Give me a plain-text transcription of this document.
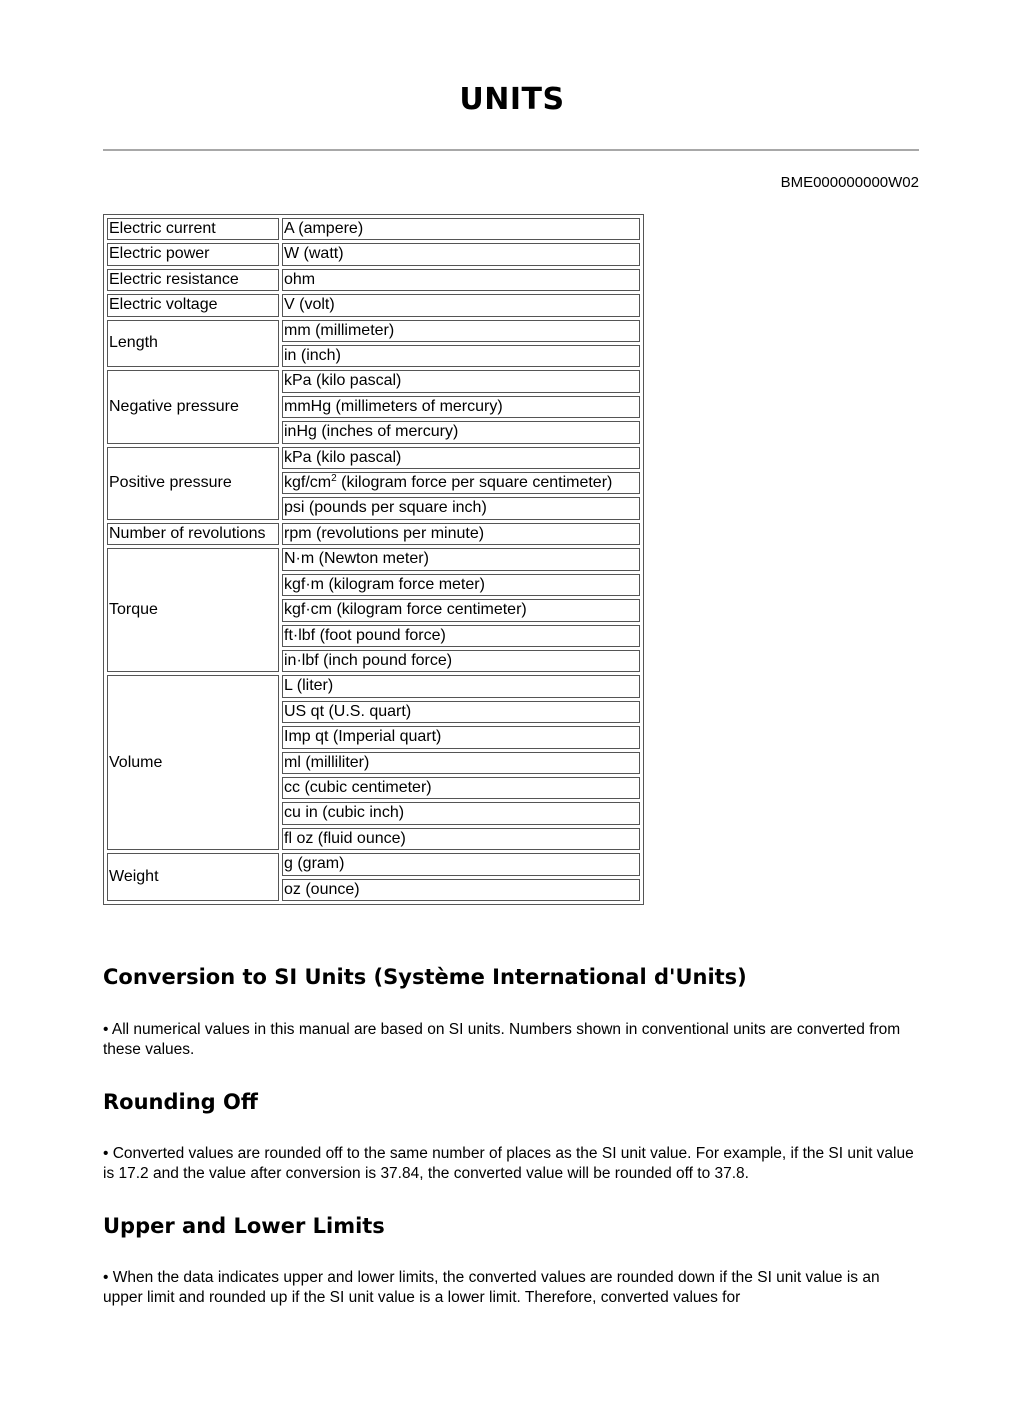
UNITS
BME000000000W02
Electric current	A (ampere)
Electric power	W (watt)
Electric resistance	ohm
Electric voltage	V (volt)
Length	mm (millimeter)
	in (inch)
Negative pressure	kPa (kilo pascal)
	mmHg (millimeters of mercury)
	inHg (inches of mercury)
Positive pressure	kPa (kilo pascal)
	kgf/$cm^2$ (kilogram force per square centimeter)
	psi (pounds per square inch)
Number of revolutions	rpm (revolutions per minute)
Torque	N·m (Newton meter)
	kgf·m (kilogram force meter)
	kgf·cm (kilogram force centimeter)
	ft·lbf (foot pound force)
	in·lbf (inch pound force)
Volume	L (liter)
	US qt (U.S. quart)
	Imp qt (Imperial quart)
	ml (milliliter)
	cc (cubic centimeter)
	cu in (cubic inch)
	fl oz (fluid ounce)
Weight	g (gram)
	oz (ounce)
Conversion to SI Units (Système International d'Units)

• All numerical values in this manual are based on SI units. Numbers shown in conventional units are converted from these values.

Rounding Off

• Converted values are rounded off to the same number of places as the SI unit value. For example, if the SI unit value is 17.2 and the value after conversion is 37.84, the converted value will be rounded off to 37.8.

Upper and Lower Limits

• When the data indicates upper and lower limits, the converted values are rounded down if the SI unit value is an upper limit and rounded up if the SI unit value is a lower limit. Therefore, converted values for
